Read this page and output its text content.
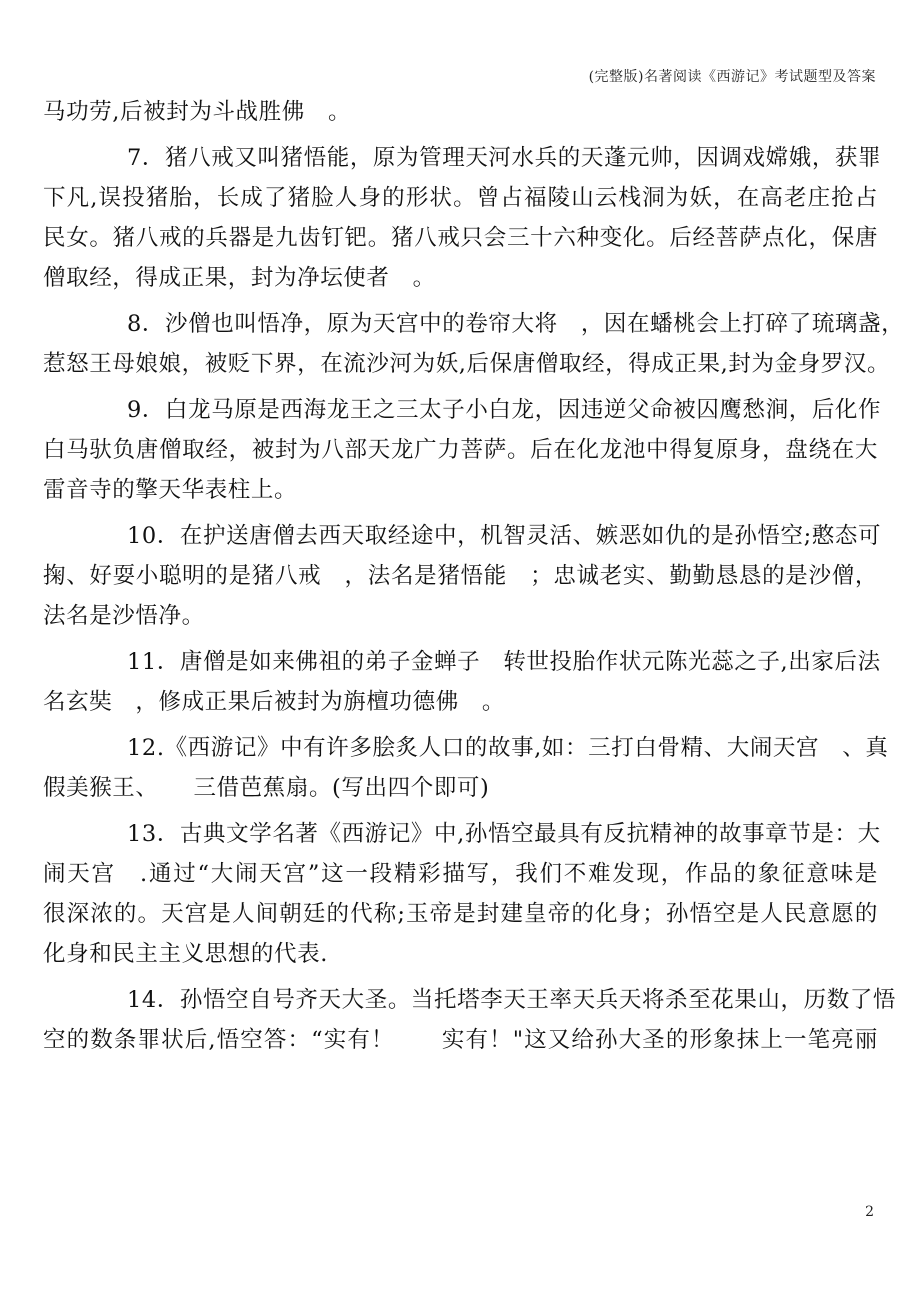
(完整版)名著阅读《西游记》考试题型及答案
马功劳,后被封为斗战胜佛　。
7．猪八戒又叫猪悟能，原为管理天河水兵的天蓬元帅，因调戏嫦娥，获罪
下凡,误投猪胎，长成了猪脸人身的形状。曾占福陵山云栈洞为妖，在高老庄抢占
民女。猪八戒的兵器是九齿钉钯。猪八戒只会三十六种变化。后经菩萨点化，保唐
僧取经，得成正果，封为净坛使者　。
8．沙僧也叫悟净，原为天宫中的卷帘大将　，因在蟠桃会上打碎了琉璃盏，
惹怒王母娘娘，被贬下界，在流沙河为妖,后保唐僧取经，得成正果,封为金身罗汉。
9．白龙马原是西海龙王之三太子小白龙，因违逆父命被囚鹰愁涧，后化作
白马驮负唐僧取经，被封为八部天龙广力菩萨。后在化龙池中得复原身，盘绕在大
雷音寺的擎天华表柱上。
10．在护送唐僧去西天取经途中，机智灵活、嫉恶如仇的是孙悟空;憨态可
掬、好耍小聪明的是猪八戒　，法名是猪悟能　；忠诚老实、勤勤恳恳的是沙僧，
法名是沙悟净。
11．唐僧是如来佛祖的弟子金蝉子　转世投胎作状元陈光蕊之子,出家后法
名玄奘　，修成正果后被封为旃檀功德佛　。
12.《西游记》中有许多脍炙人口的故事,如：三打白骨精、大闹天宫　、真
假美猴王、　　三借芭蕉扇。(写出四个即可)
13．古典文学名著《西游记》中,孙悟空最具有反抗精神的故事章节是：大
闹天宫　.通过“大闹天宫”这一段精彩描写，我们不难发现，作品的象征意味是
很深浓的。天宫是人间朝廷的代称;玉帝是封建皇帝的化身；孙悟空是人民意愿的
化身和民主主义思想的代表.
14．孙悟空自号齐天大圣。当托塔李天王率天兵天将杀至花果山，历数了悟
空的数条罪状后,悟空答：“实有！　　实有！"这又给孙大圣的形象抹上一笔亮丽
2
